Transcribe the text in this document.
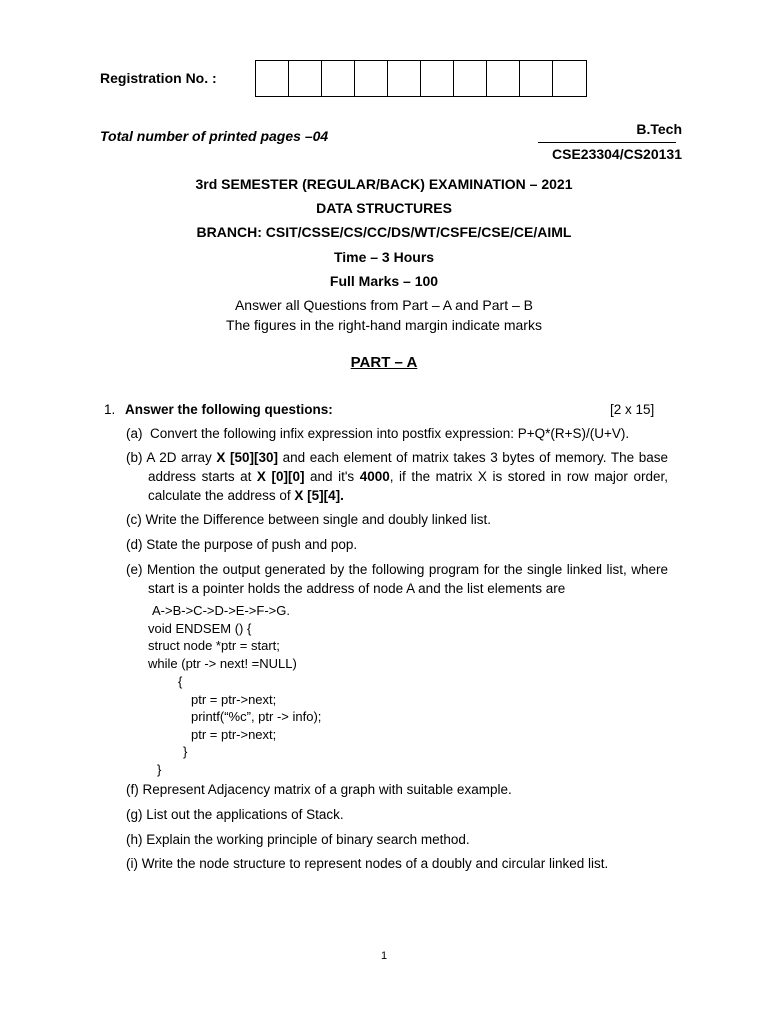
Registration No. :
Total number of printed pages –04	B.Tech
CSE23304/CS20131
3rd SEMESTER (REGULAR/BACK) EXAMINATION – 2021
DATA STRUCTURES
BRANCH: CSIT/CSSE/CS/CC/DS/WT/CSFE/CSE/CE/AIML
Time – 3 Hours
Full Marks – 100
Answer all Questions from Part – A and Part – B
The figures in the right-hand margin indicate marks
PART – A
1. Answer the following questions:	[2 x 15]
(a) Convert the following infix expression into postfix expression: P+Q*(R+S)/(U+V).
(b) A 2D array X [50][30] and each element of matrix takes 3 bytes of memory. The base address starts at X [0][0] and it's 4000, if the matrix X is stored in row major order, calculate the address of X [5][4].
(c) Write the Difference between single and doubly linked list.
(d) State the purpose of push and pop.
(e) Mention the output generated by the following program for the single linked list, where start is a pointer holds the address of node A and the list elements are
A->B->C->D->E->F->G.
void ENDSEM () {
struct node *ptr = start;
while (ptr -> next! =NULL)
{
ptr = ptr->next;
printf(“%c”, ptr -> info);
ptr = ptr->next;
}
}
(f) Represent Adjacency matrix of a graph with suitable example.
(g) List out the applications of Stack.
(h) Explain the working principle of binary search method.
(i) Write the node structure to represent nodes of a doubly and circular linked list.
1
